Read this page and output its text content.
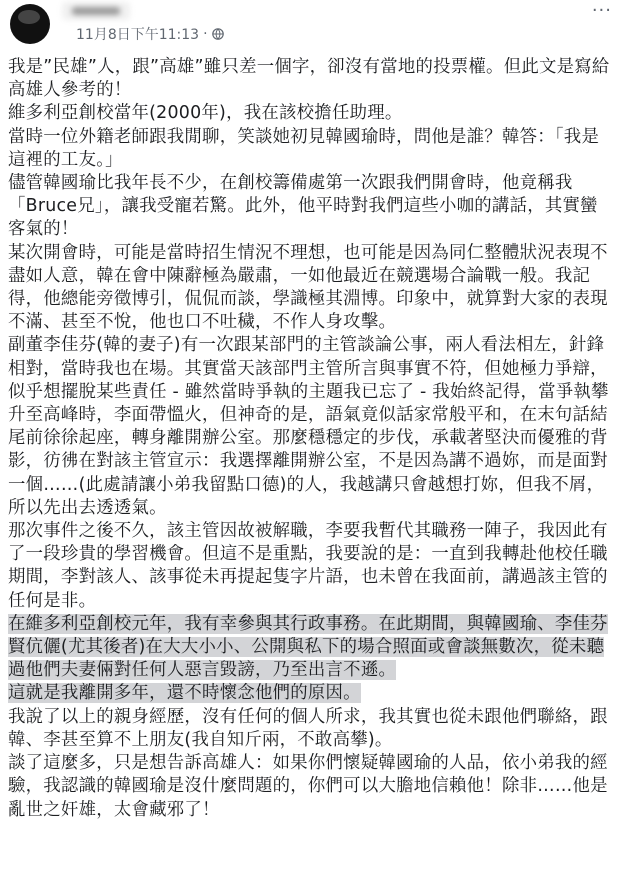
11月8日下午11:13 ·
···

我是”民雄”人，跟”高雄”雖只差一個字，卻沒有當地的投票權。但此文是寫給高雄人參考的！

維多利亞創校當年(2000年)，我在該校擔任助理。

當時一位外籍老師跟我閒聊，笑談她初見韓國瑜時，問他是誰？韓答：「我是這裡的工友。」

儘管韓國瑜比我年長不少，在創校籌備處第一次跟我們開會時，他竟稱我「Bruce兄」，讓我受寵若驚。此外，他平時對我們這些小咖的講話，其實蠻客氣的！

某次開會時，可能是當時招生情況不理想，也可能是因為同仁整體狀況表現不盡如人意，韓在會中陳辭極為嚴肅，一如他最近在競選場合論戰一般。我記得，他總能旁徵博引，侃侃而談，學識極其淵博。印象中，就算對大家的表現不滿、甚至不悅，他也口不吐穢，不作人身攻擊。

副董李佳芬(韓的妻子)有一次跟某部門的主管談論公事，兩人看法相左，針鋒相對，當時我也在場。其實當天該部門主管所言與事實不符，但她極力爭辯，似乎想擺脫某些責任 - 雖然當時爭執的主題我已忘了 - 我始終記得，當爭執攀升至高峰時，李面帶慍火，但神奇的是，語氣竟似話家常般平和，在末句話結尾前徐徐起座，轉身離開辦公室。那麼穩穩定的步伐，承載著堅決而優雅的背影，彷彿在對該主管宣示：我選擇離開辦公室，不是因為講不過妳，而是面對一個……(此處請讓小弟我留點口德)的人，我越講只會越想打妳，但我不屑，所以先出去透透氣。

那次事件之後不久，該主管因故被解職，李要我暫代其職務一陣子，我因此有了一段珍貴的學習機會。但這不是重點，我要說的是：一直到我轉赴他校任職期間，李對該人、該事從未再提起隻字片語，也未曾在我面前，講過該主管的任何是非。

在維多利亞創校元年，我有幸參與其行政事務。在此期間，與韓國瑜、李佳芬賢伉儷(尤其後者)在大大小小、公開與私下的場合照面或會談無數次，從未聽過他們夫妻倆對任何人惡言毀謗，乃至出言不遜。

這就是我離開多年，還不時懷念他們的原因。

我說了以上的親身經歷，沒有任何的個人所求，我其實也從未跟他們聯絡，跟韓、李甚至算不上朋友(我自知斤兩，不敢高攀)。

談了這麼多，只是想告訴高雄人：如果你們懷疑韓國瑜的人品，依小弟我的經驗，我認識的韓國瑜是沒什麼問題的，你們可以大膽地信賴他！除非……他是亂世之奸雄，太會藏邪了！
